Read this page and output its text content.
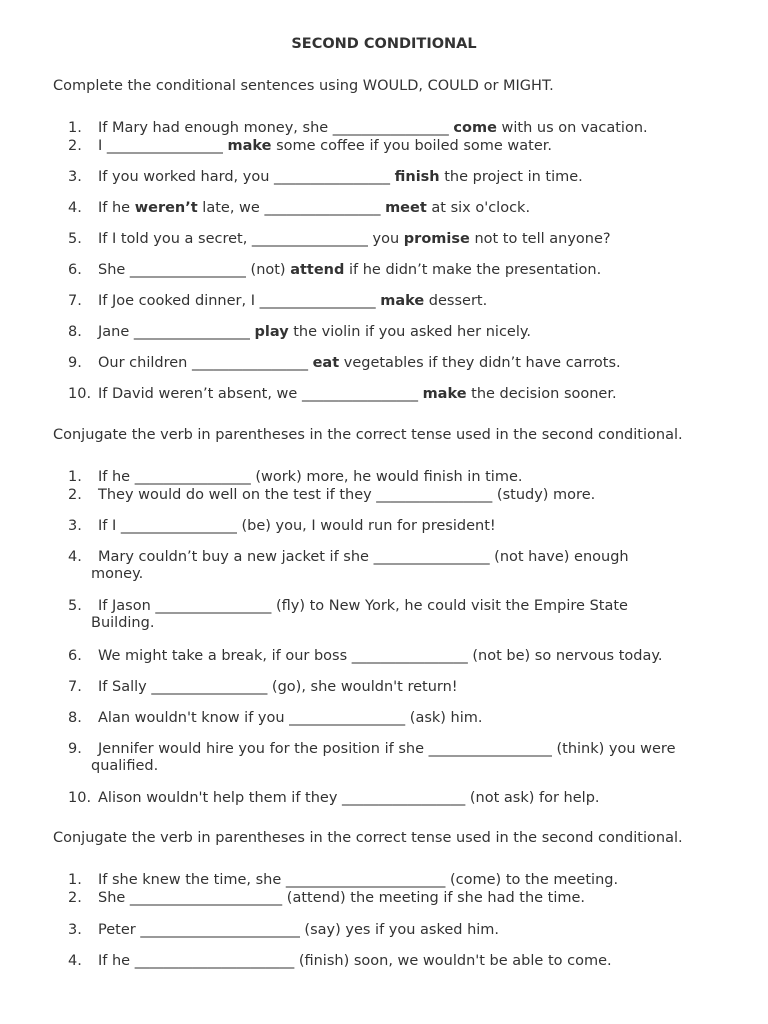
SECOND CONDITIONAL
Complete the conditional sentences using WOULD, COULD or MIGHT.
1. If Mary had enough money, she ________________ come with us on vacation.
2. I ________________ make some coffee if you boiled some water.
3. If you worked hard, you ________________ finish the project in time.
4. If he weren’t late, we ________________ meet at six o'clock.
5. If I told you a secret, ________________ you promise not to tell anyone?
6. She ________________ (not) attend if he didn’t make the presentation.
7. If Joe cooked dinner, I ________________ make dessert.
8. Jane ________________ play the violin if you asked her nicely.
9. Our children ________________ eat vegetables if they didn’t have carrots.
10. If David weren’t absent, we ________________ make the decision sooner.
Conjugate the verb in parentheses in the correct tense used in the second conditional.
1. If he ________________ (work) more, he would finish in time.
2. They would do well on the test if they ________________ (study) more.
3. If I ________________ (be) you, I would run for president!
4. Mary couldn’t buy a new jacket if she ________________ (not have) enough
money.
5. If Jason ________________ (fly) to New York, he could visit the Empire State
Building.
6. We might take a break, if our boss ________________ (not be) so nervous today.
7. If Sally ________________ (go), she wouldn't return!
8. Alan wouldn't know if you ________________ (ask) him.
9. Jennifer would hire you for the position if she _________________ (think) you were
qualified.
10. Alison wouldn't help them if they _________________ (not ask) for help.
Conjugate the verb in parentheses in the correct tense used in the second conditional.
1. If she knew the time, she ______________________ (come) to the meeting.
2. She _____________________ (attend) the meeting if she had the time.
3. Peter ______________________ (say) yes if you asked him.
4. If he ______________________ (finish) soon, we wouldn't be able to come.
